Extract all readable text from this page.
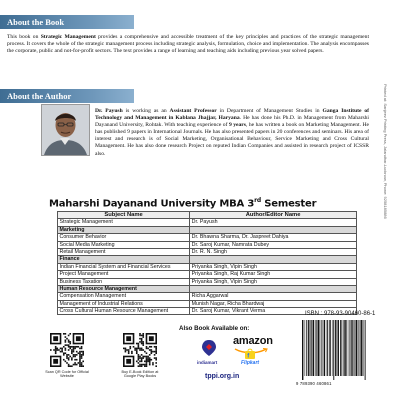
About the Book
This book on Strategic Management provides a comprehensive and accessible treatment of the key principles and practices of the strategic management process. It covers the whole of the strategic management process including strategic analysis, formulation, choice and implementation. The analysis encompasses the corporate, public and not-for-profit sectors. The text provides a range of learning and teaching aids including previous year solved papers.
About the Author
Dr. Payush is working as an Assistant Professor in Department of Management Studies in Ganga Institute of Technology and Management in Kablana Jhajjar, Haryana. He has done his Ph.D. in Management from Maharshi Dayanand University, Rohtak. With teaching experience of 9 years, he has written a book on Marketing Management. He has published 9 papers in International Journals. He has also presented papers in 20 conferences and seminars. His area of interest and research is of Social Marketing, Organisational Behaviour, Service Marketing and Cross Cultural Management. He has also done research Project on reputed Indian Companies and assisted in research project of ICSSR also.	Printed at: Sanjeev Printing Press, Jalandhar-Lucknow, Phone: 9258185886
Maharshi Dayanand University MBA 3rd Semester
Subject Name	Author/Editor Name
Strategic Management	Dr. Payush
Marketing	
Consumer Behavior	Dr. Bhawna Sharma, Dr. Jaspreet Dahiya
Social Media Marketing	Dr. Saroj Kumar, Namrata Dubey
Retail Management	Dr. R. N. Singh
Finance	
Indian Financial System and Financial Services	Priyanka Singh, Vipin Singh
Project Management	Priyanka Singh, Raj Kumar Singh
Business Taxation	Priyanka Singh, Vipin Singh
Human Resource Management	
Compensation Management	Richa Aggarwal
Management of Industrial Relations	Munish Nagar, Richa Bhardwaj
Cross Cultural Human Resource Management	Dr. Saroj Kumar, Vikrant Verma
Scan QR Code for Official Website
Buy E-Book Edition at Google Play Books
Also Book Available on:
amazon
indiamart
f
Flipkart
tppi.org.in
ISBN : 978-93-90460-86-1
9 789390 460861
